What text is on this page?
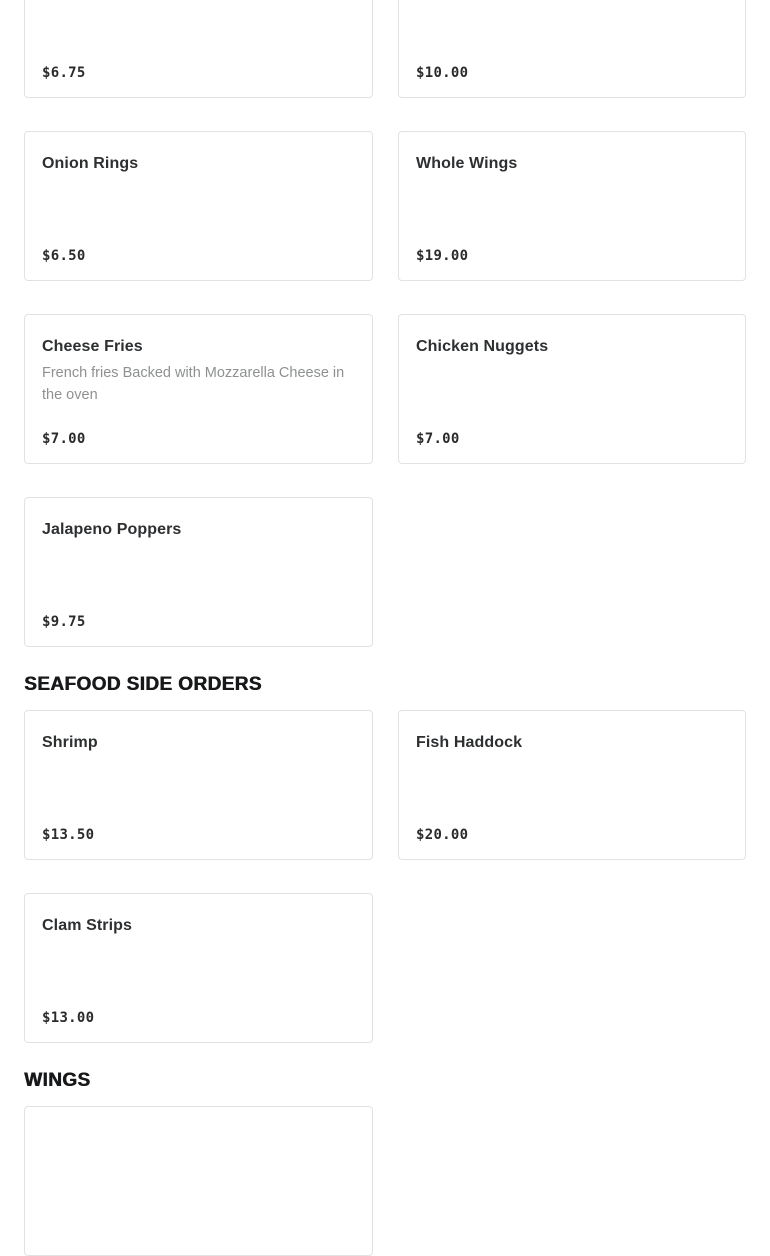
$6.75	$10.00
Onion Rings
$6.50
Whole Wings
$19.00
Cheese Fries
French fries Backed with Mozzarella Cheese in the oven
$7.00
Chicken Nuggets
$7.00
Jalapeno Poppers
$9.75
SEAFOOD SIDE ORDERS
Shrimp
$13.50
Fish Haddock
$20.00
Clam Strips
$13.00
WINGS
